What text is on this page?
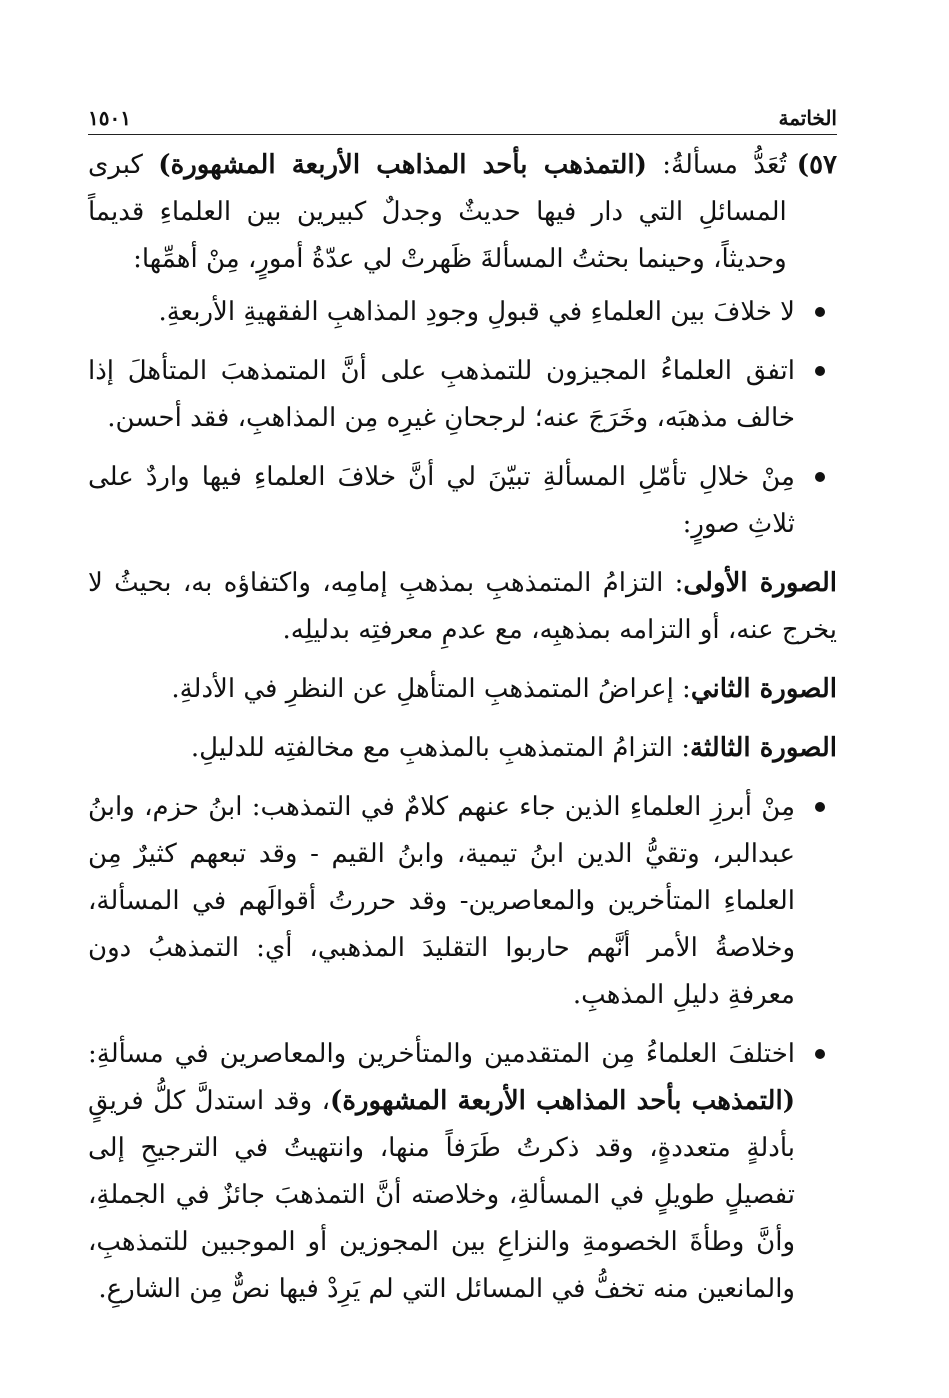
الخاتمة
١٥٠١
٥٧)
تُعَدُّ مسألةُ: (التمذهب بأحد المذاهب الأربعة المشهورة) كبرى المسائلِ التي دار فيها حديثٌ وجدلٌ كبيرين بين العلماءِ قديماً وحديثاً، وحينما بحثتُ المسألةَ ظَهرتْ لي عدّةُ أمورٍ، مِنْ أهمِّها:
لا خلافَ بين العلماءِ في قبولِ وجودِ المذاهبِ الفقهيةِ الأربعةِ.
اتفق العلماءُ المجيزون للتمذهبِ على أنَّ المتمذهبَ المتأهلَ إذا خالف مذهبَه، وخَرَجَ عنه؛ لرجحانِ غيرِه مِن المذاهبِ، فقد أحسن.
مِنْ خلالِ تأمّلِ المسألةِ تبيّنَ لي أنَّ خلافَ العلماءِ فيها واردٌ على ثلاثِ صورٍ:

الصورة الأولى: التزامُ المتمذهبِ بمذهبِ إمامِه، واكتفاؤه به، بحيثُ لا يخرج عنه، أو التزامه بمذهبِه، مع عدمِ معرفتِه بدليلِه.

الصورة الثاني: إعراضُ المتمذهبِ المتأهلِ عن النظرِ في الأدلةِ.

الصورة الثالثة: التزامُ المتمذهبِ بالمذهبِ مع مخالفتِه للدليلِ.

مِنْ أبرزِ العلماءِ الذين جاء عنهم كلامٌ في التمذهب: ابنُ حزم، وابنُ عبدالبر، وتقيُّ الدين ابنُ تيمية، وابنُ القيم - وقد تبعهم كثيرٌ مِن العلماءِ المتأخرين والمعاصرين- وقد حررتُ أقوالَهم في المسألة، وخلاصةُ الأمر أنَّهم حاربوا التقليدَ المذهبي، أي: التمذهبُ دون معرفةِ دليلِ المذهبِ.
اختلفَ العلماءُ مِن المتقدمين والمتأخرين والمعاصرين في مسألةِ: (التمذهب بأحد المذاهب الأربعة المشهورة)، وقد استدلَّ كلُّ فريقٍ بأدلةٍ متعددةٍ، وقد ذكرتُ طَرَفاً منها، وانتهيتُ في الترجيحِ إلى تفصيلٍ طويلٍ في المسألةِ، وخلاصته أنَّ التمذهبَ جائزٌ في الجملةِ، وأنَّ وطأةَ الخصومةِ والنزاعِ بين المجوزين أو الموجبين للتمذهبِ، والمانعين منه تخفُّ في المسائل التي لم يَرِدْ فيها نصٌّ مِن الشارعِ.
